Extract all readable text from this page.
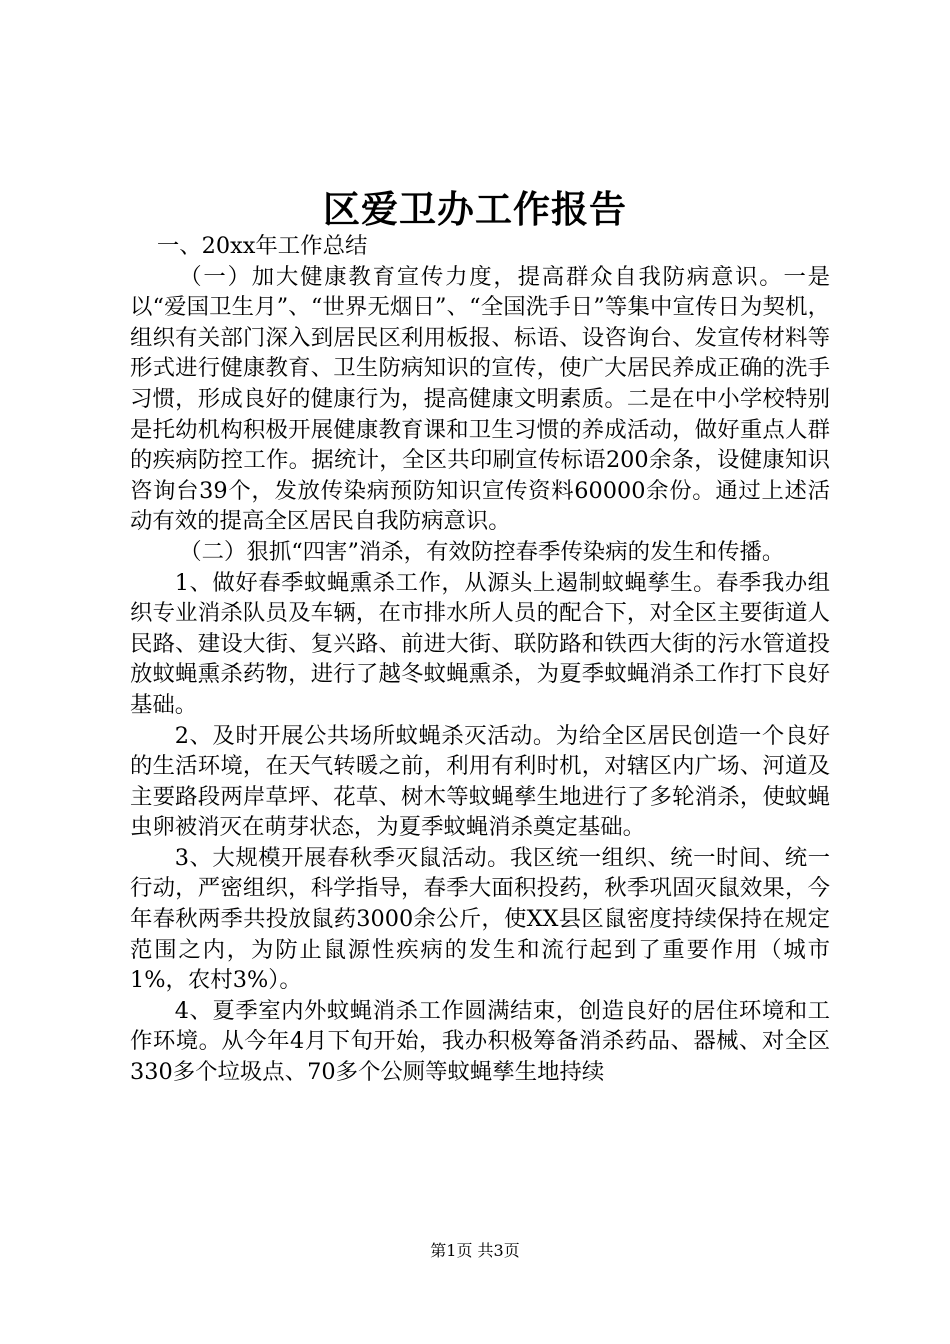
区爱卫办工作报告

一、20xx年工作总结

（一）加大健康教育宣传力度，提高群众自我防病意识。一是以“爱国卫生月”、“世界无烟日”、“全国洗手日”等集中宣传日为契机，组织有关部门深入到居民区利用板报、标语、设咨询台、发宣传材料等形式进行健康教育、卫生防病知识的宣传，使广大居民养成正确的洗手习惯，形成良好的健康行为，提高健康文明素质。二是在中小学校特别是托幼机构积极开展健康教育课和卫生习惯的养成活动，做好重点人群的疾病防控工作。据统计，全区共印刷宣传标语200余条，设健康知识咨询台39个，发放传染病预防知识宣传资料60000余份。通过上述活动有效的提高全区居民自我防病意识。

（二）狠抓“四害”消杀，有效防控春季传染病的发生和传播。

1、做好春季蚊蝇熏杀工作，从源头上遏制蚊蝇孳生。春季我办组织专业消杀队员及车辆，在市排水所人员的配合下，对全区主要街道人民路、建设大街、复兴路、前进大街、联防路和铁西大街的污水管道投放蚊蝇熏杀药物，进行了越冬蚊蝇熏杀，为夏季蚊蝇消杀工作打下良好基础。

2、及时开展公共场所蚊蝇杀灭活动。为给全区居民创造一个良好的生活环境，在天气转暖之前，利用有利时机，对辖区内广场、河道及主要路段两岸草坪、花草、树木等蚊蝇孳生地进行了多轮消杀，使蚊蝇虫卵被消灭在萌芽状态，为夏季蚊蝇消杀奠定基础。

3、大规模开展春秋季灭鼠活动。我区统一组织、统一时间、统一行动，严密组织，科学指导，春季大面积投药，秋季巩固灭鼠效果，今年春秋两季共投放鼠药3000余公斤，使XX县区鼠密度持续保持在规定范围之内，为防止鼠源性疾病的发生和流行起到了重要作用（城市1%，农村3%）。

4、夏季室内外蚊蝇消杀工作圆满结束，创造良好的居住环境和工作环境。从今年4月下旬开始，我办积极筹备消杀药品、器械、对全区330多个垃圾点、70多个公厕等蚊蝇孳生地持续

第1页 共3页
